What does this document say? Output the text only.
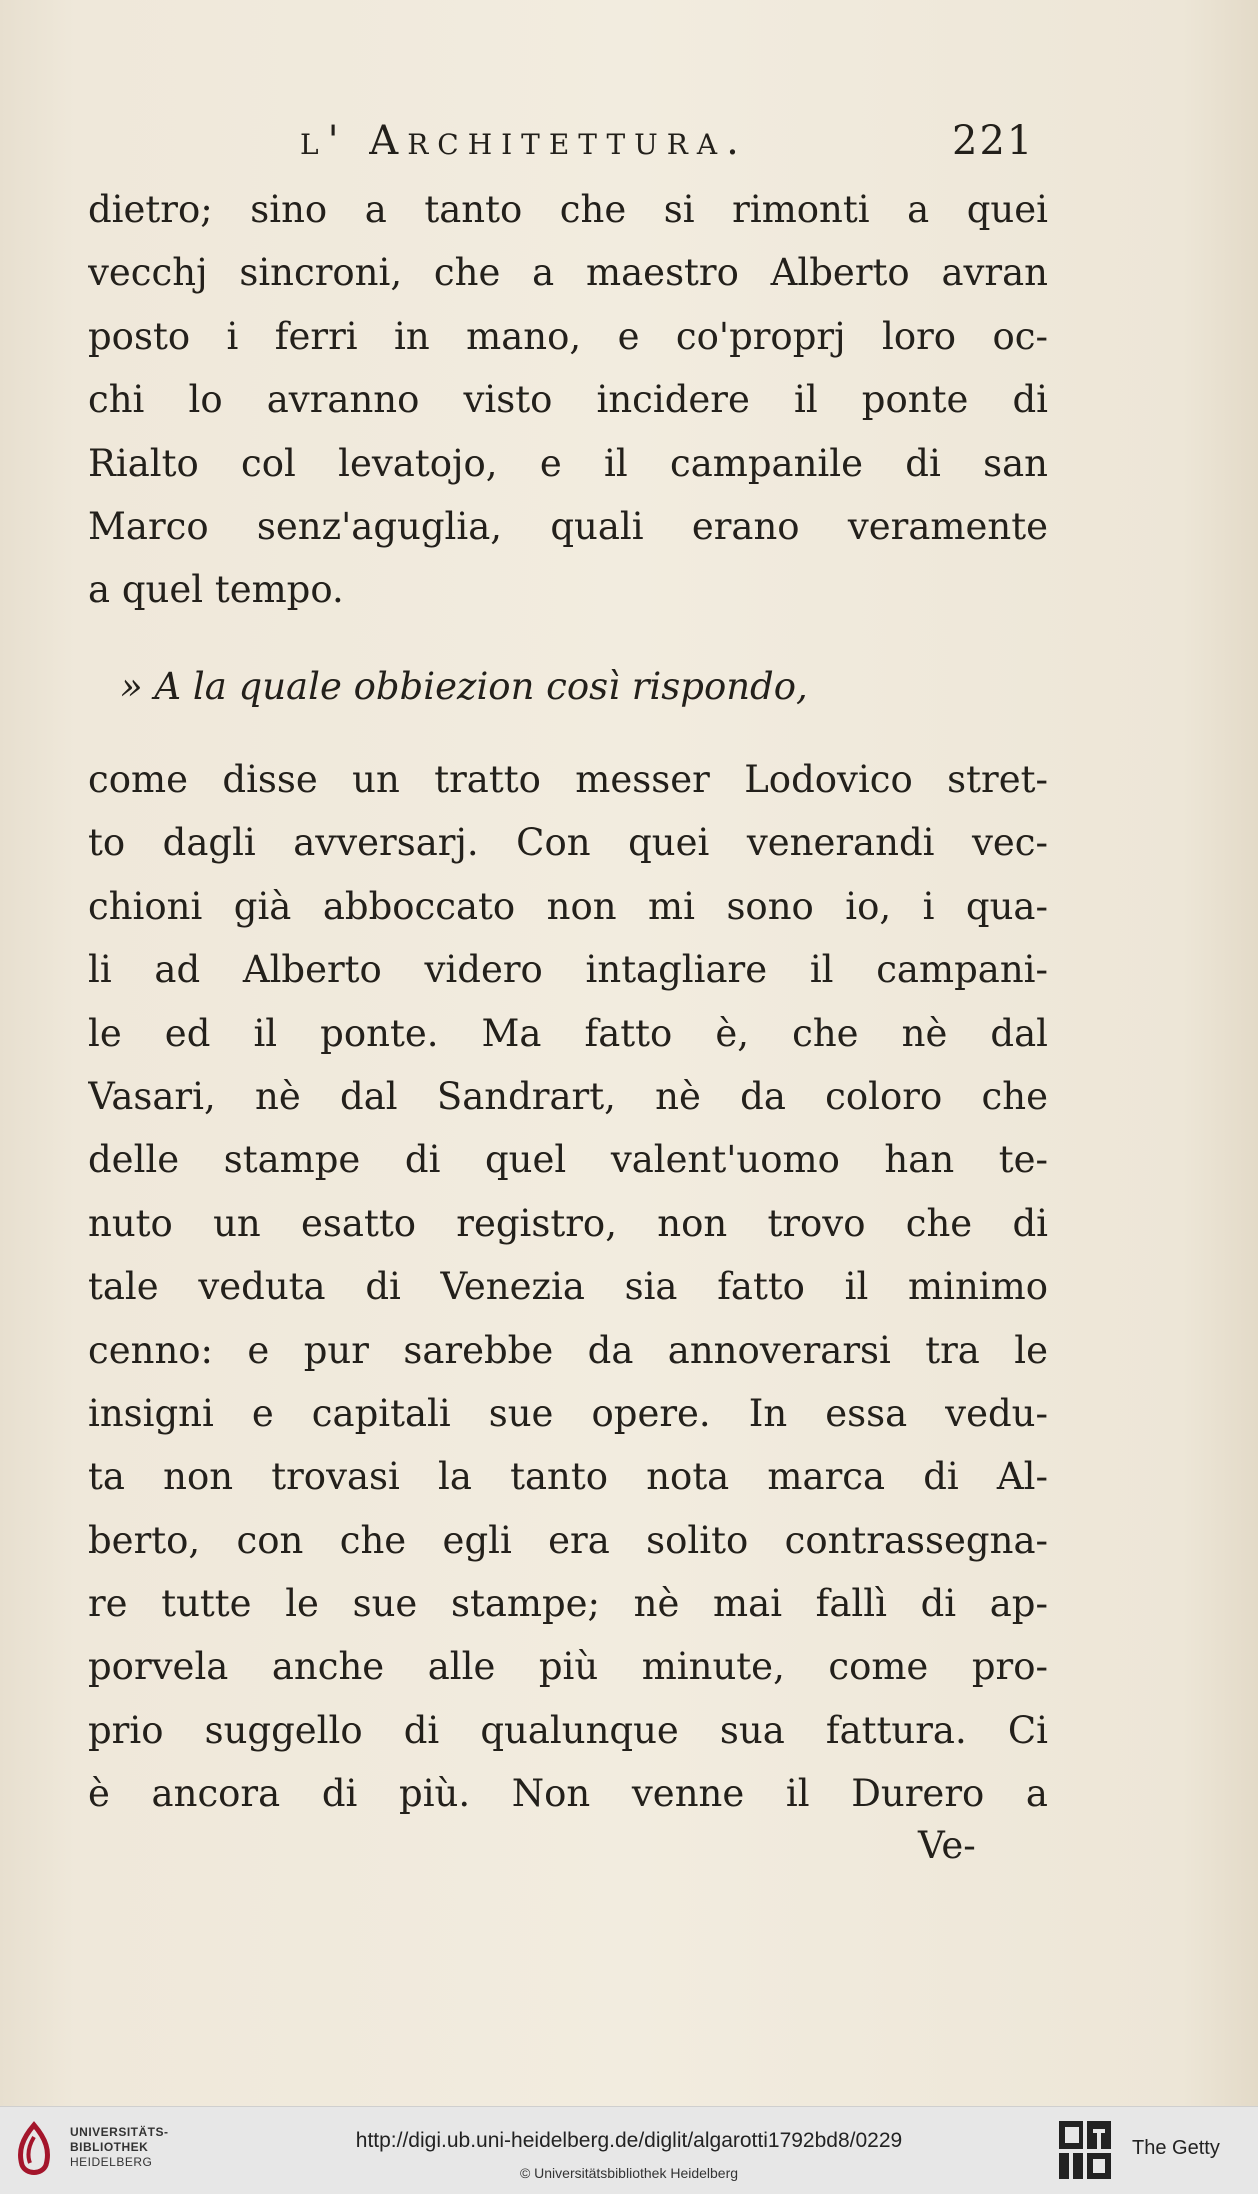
l' Architettura.	221
dietro; sino a tanto che si rimonti a quei
vecchj sincroni, che a maestro Alberto avran
posto i ferri in mano, e co'proprj loro oc-
chi lo avranno visto incidere il ponte di
Rialto col levatojo, e il campanile di san
Marco senz'aguglia, quali erano veramente
a quel tempo.
» A la quale obbiezion così rispondo,
come disse un tratto messer Lodovico stret-
to dagli avversarj. Con quei venerandi vec-
chioni già abboccato non mi sono io, i qua-
li ad Alberto videro intagliare il campani-
le ed il ponte. Ma fatto è, che nè dal
Vasari, nè dal Sandrart, nè da coloro che
delle stampe di quel valent'uomo han te-
nuto un esatto registro, non trovo che di
tale veduta di Venezia sia fatto il minimo
cenno: e pur sarebbe da annoverarsi tra le
insigni e capitali sue opere. In essa vedu-
ta non trovasi la tanto nota marca di Al-
berto, con che egli era solito contrassegna-
re tutte le sue stampe; nè mai fallì di ap-
porvela anche alle più minute, come pro-
prio suggello di qualunque sua fattura. Ci
è ancora di più. Non venne il Durero a
Ve-
UNIVERSITÄTS-
BIBLIOTHEK
HEIDELBERG
http://digi.ub.uni-heidelberg.de/diglit/algarotti1792bd8/0229
© Universitätsbibliothek Heidelberg
The Getty
